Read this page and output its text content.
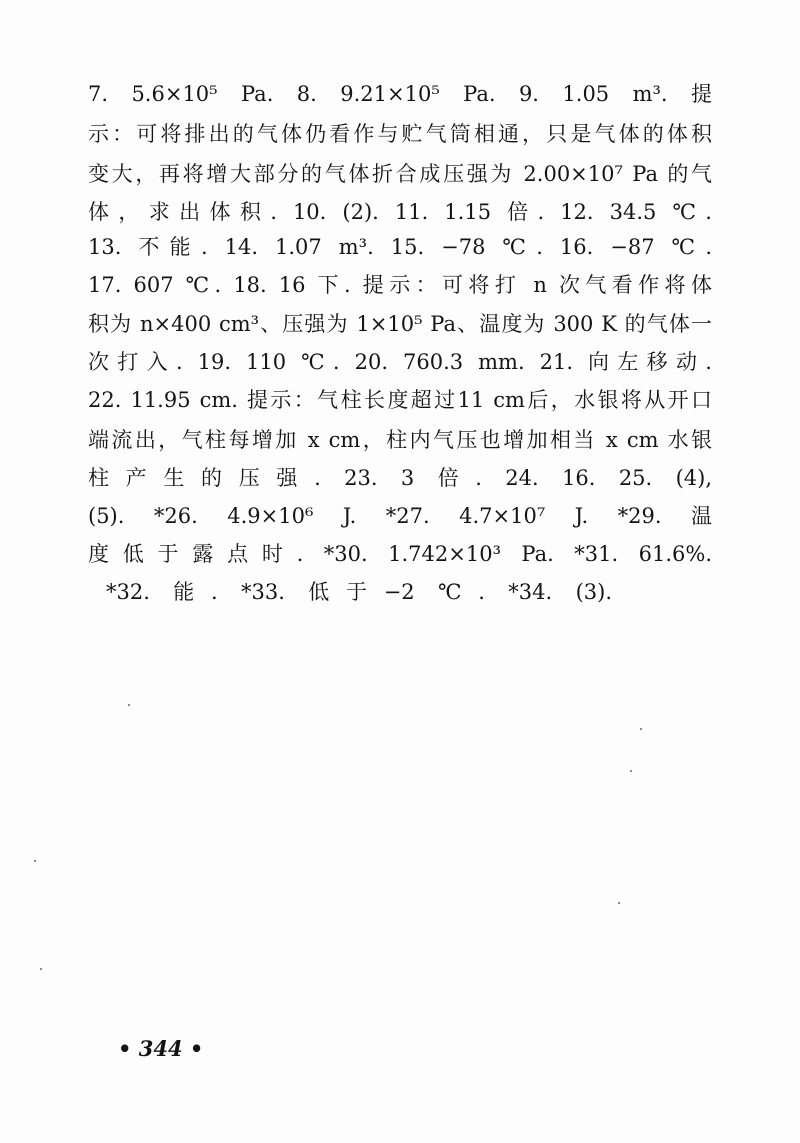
7. 5.6×10⁵ Pa. 8. 9.21×10⁵ Pa. 9. 1.05 m³. 提
示：可将排出的气体仍看作与贮气筒相通，只是气体的体积
变大，再将增大部分的气体折合成压强为 2.00×10⁷ Pa 的气
体，求出体积. 10. (2). 11. 1.15 倍. 12. 34.5 ℃.
13. 不能. 14. 1.07 m³. 15. −78 ℃. 16. −87 ℃.
17. 607 ℃. 18. 16 下. 提示：可将打 n 次气看作将体
积为 n×400 cm³、压强为 1×10⁵ Pa、温度为 300 K 的气体一
次打入. 19. 110 ℃. 20. 760.3 mm. 21. 向左移动.
22. 11.95 cm. 提示：气柱长度超过11 cm后，水银将从开口
端流出，气柱每增加 x cm，柱内气压也增加相当 x cm 水银
柱产生的压强. 23. 3 倍. 24. 16. 25. (4),
(5). *26. 4.9×10⁶ J. *27. 4.7×10⁷ J. *29. 温
度低于露点时. *30. 1.742×10³ Pa. *31. 61.6%.
*32. 能. *33. 低于−2 ℃. *34. (3).
• 344 •
